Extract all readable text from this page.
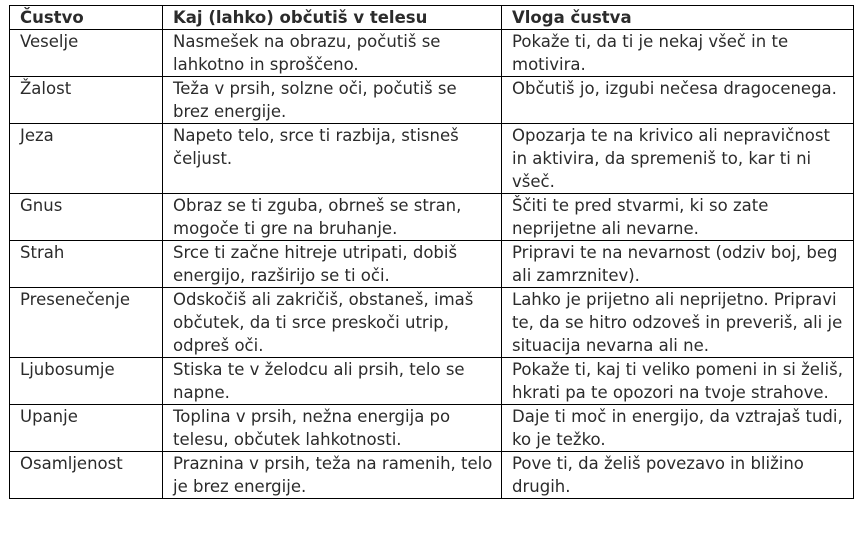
Čustvo	Kaj (lahko) občutiš v telesu	Vloga čustva
Veselje	Nasmešek na obrazu, počutiš se lahkotno in sproščeno.	Pokaže ti, da ti je nekaj všeč in te motivira.
Žalost	Teža v prsih, solzne oči, počutiš se brez energije.	Občutiš jo, izgubi nečesa dragocenega.
Jeza	Napeto telo, srce ti razbija, stisneš čeljust.	Opozarja te na krivico ali nepravičnost in aktivira, da spremeniš to, kar ti ni všeč.
Gnus	Obraz se ti zgubа, obrneš se stran, mogoče ti gre na bruhanje.	Ščiti te pred stvarmi, ki so zate neprijetne ali nevarne.
Strah	Srce ti začne hitreje utripati, dobiš energijo, razširijo se ti oči.	Pripravi te na nevarnost (odziv boj, beg ali zamrznitev).
Presenečenje	Odskočiš ali zakričiš, obstaneš, imaš občutek, da ti srce preskoči utrip, odpreš oči.	Lahko je prijetno ali neprijetno. Pripravi te, da se hitro odzoveš in preveriš, ali je situacija nevarna ali ne.
Ljubosumje	Stiska te v želodcu ali prsih, telo se napne.	Pokaže ti, kaj ti veliko pomeni in si želiš, hkrati pa te opozori na tvoje strahove.
Upanje	Toplina v prsih, nežna energija po telesu, občutek lahkotnosti.	Daje ti moč in energijo, da vztrajaš tudi, ko je težko.
Osamljenost	Praznina v prsih, teža na ramenih, telo je brez energije.	Pove ti, da želiš povezavo in bližino drugih.
